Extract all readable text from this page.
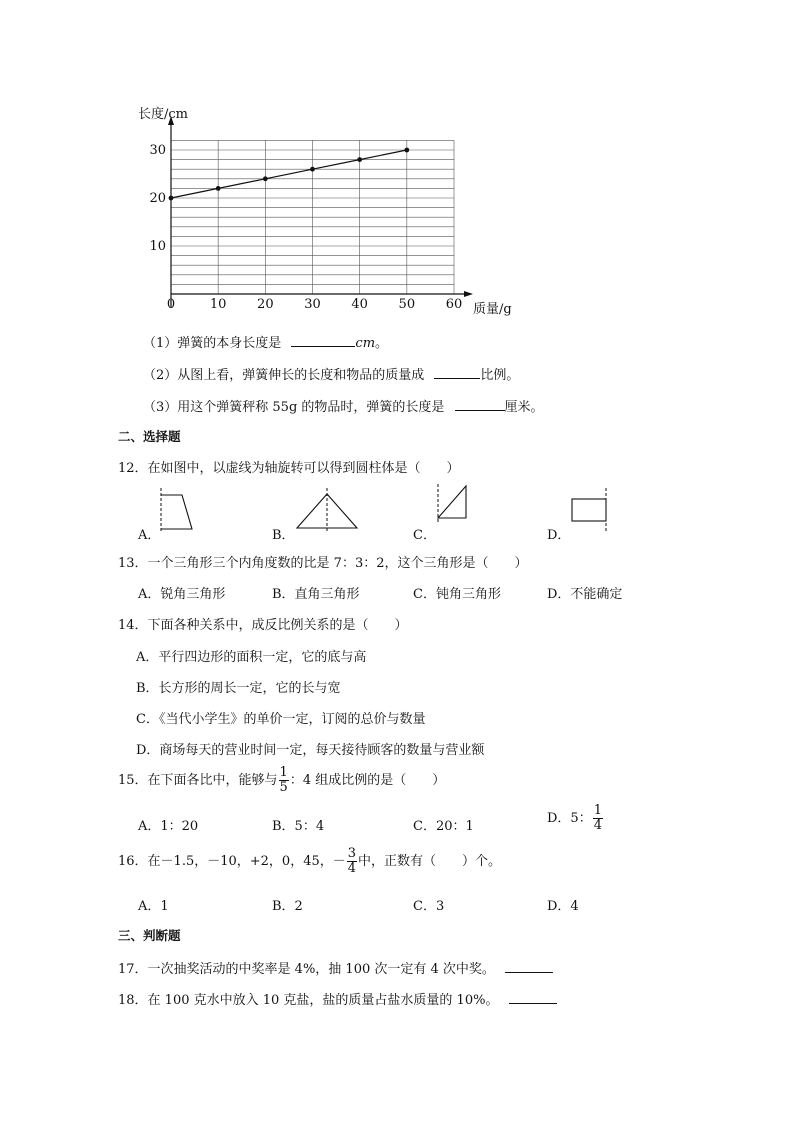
0	10 20 30 40 50 60
10
20
30
长度/cm
质量/g
（1）弹簧的本身长度是	cm。
（2）从图上看，弹簧伸长的长度和物品的质量成	比例。
（3）用这个弹簧秤称 55g 的物品时，弹簧的长度是	厘米。
二、选择题
12．在如图中，以虚线为轴旋转可以得到圆柱体是（　　）
A．	B．	C．	D．
13．一个三角形三个内角度数的比是 7：3：2，这个三角形是（　　）
A．锐角三角形	B．直角三角形	C．钝角三角形	D．不能确定
14．下面各种关系中，成反比例关系的是（　　）
A．平行四边形的面积一定，它的底与高
B．长方形的周长一定，它的长与宽
C．《当代小学生》的单价一定，订阅的总价与数量
D．商场每天的营业时间一定，每天接待顾客的数量与营业额
15．在下面各比中，能够与 $\frac{1}{5}$ ：4 组成比例的是（　　）
A．1：20	B．5：4	C．20：1
D．5： $\frac{1}{4}$
16．在－1.5，－10，+2，0，45，－ $\frac{3}{4}$ 中，正数有（　　）个。
A．1	B．2	C．3	D．4
三、判断题
17．一次抽奖活动的中奖率是 4%，抽 100 次一定有 4 次中奖。
18．在 100 克水中放入 10 克盐，盐的质量占盐水质量的 10%。
